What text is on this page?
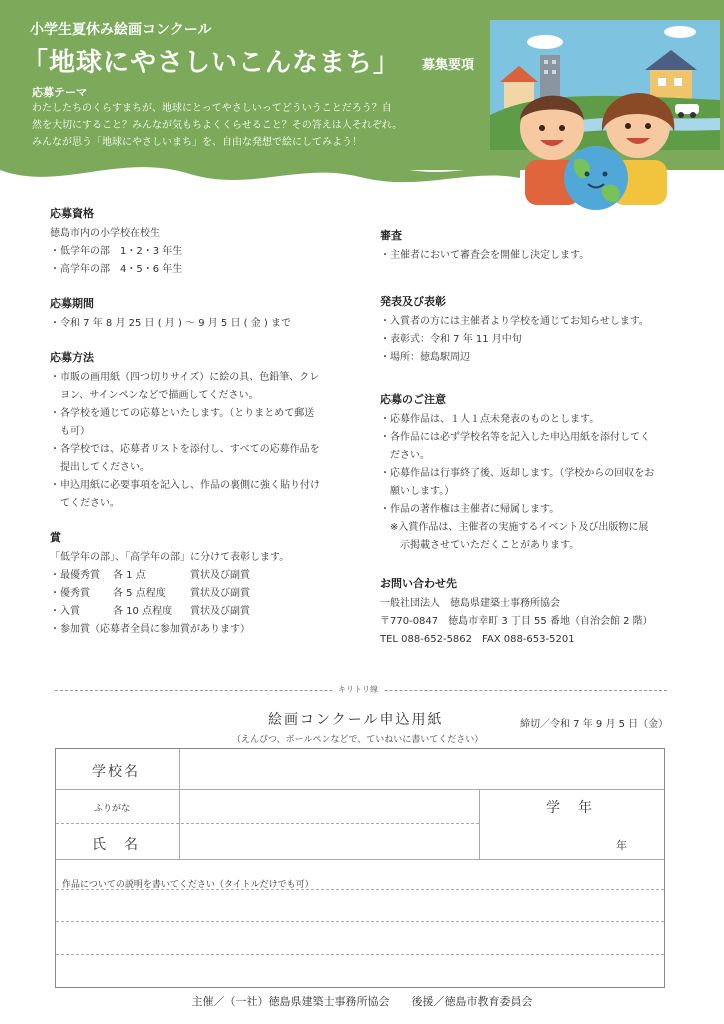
小学生夏休み絵画コンクール
「地球にやさしいこんなまち」 募集要項
応募テーマ
わたしたちのくらすまちが、地球にとってやさしいってどういうことだろう？自
然を大切にすること？みんなが気もちよくくらせること？その答えは人それぞれ。
みんなが思う「地球にやさしいまち」を、自由な発想で絵にしてみよう！
応募資格
徳島市内の小学校在校生
・低学年の部　1・2・3 年生
・高学年の部　4・5・6 年生
応募期間
・令和 7 年 8 月 25 日 ( 月 ) 〜 9 月 5 日 ( 金 ) まで
応募方法
・市販の画用紙（四つ切りサイズ）に絵の具、色鉛筆、クレ
ヨン、サインペンなどで描画してください。
・各学校を通じての応募といたします。（とりまとめて郵送
も可）
・各学校では、応募者リストを添付し、すべての応募作品を
提出してください。
・申込用紙に必要事項を記入し、作品の裏側に強く貼り付け
てください。
賞
「低学年の部」、「高学年の部」に分けて表彰します。
・最優秀賞	各 1 点	賞状及び副賞
・優秀賞	各 5 点程度	賞状及び副賞
・入賞	各 10 点程度	賞状及び副賞
・参加賞（応募者全員に参加賞があります）
審査
・主催者において審査会を開催し決定します。
発表及び表彰
・入賞者の方には主催者より学校を通じてお知らせします。
・表彰式：令和 7 年 11 月中旬
・場所：徳島駅周辺
応募のご注意
・応募作品は、１人１点未発表のものとします。
・各作品には必ず学校名等を記入した申込用紙を添付してく
ださい。
・応募作品は行事終了後、返却します。（学校からの回収をお
願いします。）
・作品の著作権は主催者に帰属します。
※入賞作品は、主催者の実施するイベント及び出版物に展
示掲載させていただくことがあります。
お問い合わせ先
一般社団法人　徳島県建築士事務所協会
〒770-0847　徳島市幸町 3 丁目 55 番地（自治会館 2 階）
TEL 088-652-5862　FAX 088-653-5201
キリトリ線
絵画コンクール申込用紙	締切／令和 7 年 9 月 5 日（金）
（えんぴつ、ボールペンなどで、ていねいに書いてください）
学校名
ふりがな
氏　名
学　年
年
作品についての説明を書いてください（タイトルだけでも可）
主催／（一社）徳島県建築士事務所協会　　後援／徳島市教育委員会
